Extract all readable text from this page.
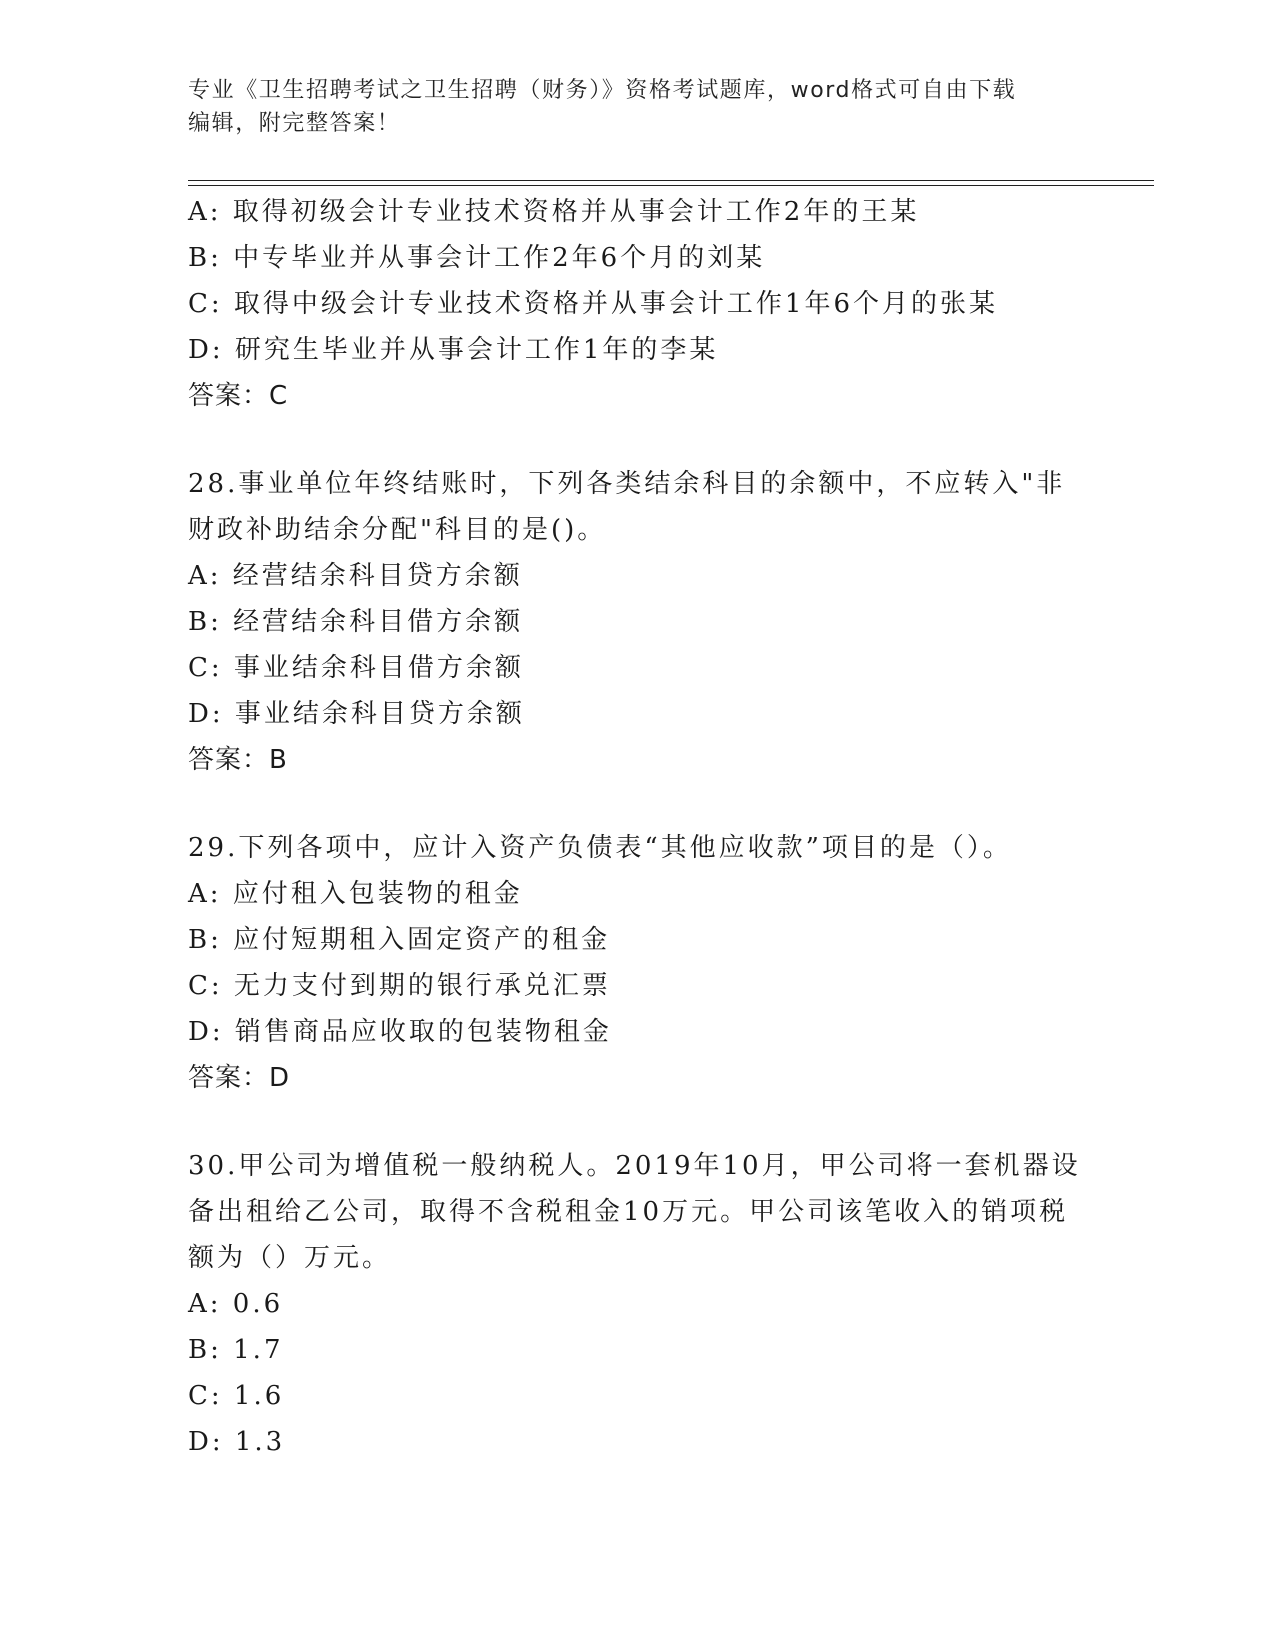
专业《卫生招聘考试之卫生招聘（财务）》资格考试题库，word格式可自由下载
编辑，附完整答案！
A: 取得初级会计专业技术资格并从事会计工作2年的王某
B: 中专毕业并从事会计工作2年6个月的刘某
C: 取得中级会计专业技术资格并从事会计工作1年6个月的张某
D: 研究生毕业并从事会计工作1年的李某
答案：C
28.事业单位年终结账时，下列各类结余科目的余额中，不应转入"非
财政补助结余分配"科目的是()。
A: 经营结余科目贷方余额
B: 经营结余科目借方余额
C: 事业结余科目借方余额
D: 事业结余科目贷方余额
答案：B
29.下列各项中，应计入资产负债表“其他应收款”项目的是（）。
A: 应付租入包装物的租金
B: 应付短期租入固定资产的租金
C: 无力支付到期的银行承兑汇票
D: 销售商品应收取的包装物租金
答案：D
30.甲公司为增值税一般纳税人。2019年10月，甲公司将一套机器设
备出租给乙公司，取得不含税租金10万元。甲公司该笔收入的销项税
额为（）万元。
A: 0.6
B: 1.7
C: 1.6
D: 1.3
